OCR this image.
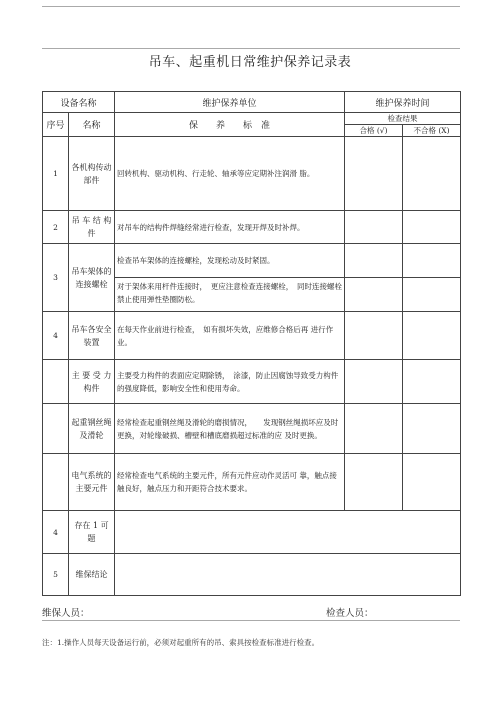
吊车、起重机日常维护保养记录表
设备名称		维护保养单位	维护保养时间	
序号	名称	保　　养　　标　准	检查结果	
			合格 (√)	不合格 (X)
1	各机构传动部件	回转机构、驱动机构、行走轮、轴承等应定期补注润滑 脂。		
2	吊 车 结 构件	对吊车的结构件焊缝经常进行检查，发现开焊及时补焊。		
3	吊车架体的连接螺栓	检查吊车架体的连接螺栓，发现松动及时紧固。		
		对于架体来用杆件连接时，　更应注意检查连接螺栓，　同时连接螺栓禁止使用弹性垫圈防松。		
4	吊车各安全装置	在每天作业前进行检查，　如有损坏失效，应维修合格后再 进行作业。		
	主 要 受 力构件	主要受力构件的表面应定期除锈，　涂漆，防止因腐蚀导致受力构件的强度降低，影响安全性和使用寿命。		
	起重钢丝绳及滑轮	经常检查起重钢丝绳及滑轮的磨损情况，　　发现钢丝绳损坏应及时更换，对轮缘破损、槽壁和槽底磨损超过标准的应 及时更换。		
	电气系统的主要元件	经常检查电气系统的主要元件，所有元件应动作灵活可 靠，触点接触良好，触点压力和开距符合技术要求。		
4	存在 1 可题			
5	维保结论			
维保人员：	检查人员：
注：1.操作人员每天设备运行前，必须对起重所有的吊、索具按检查标准进行检查。
